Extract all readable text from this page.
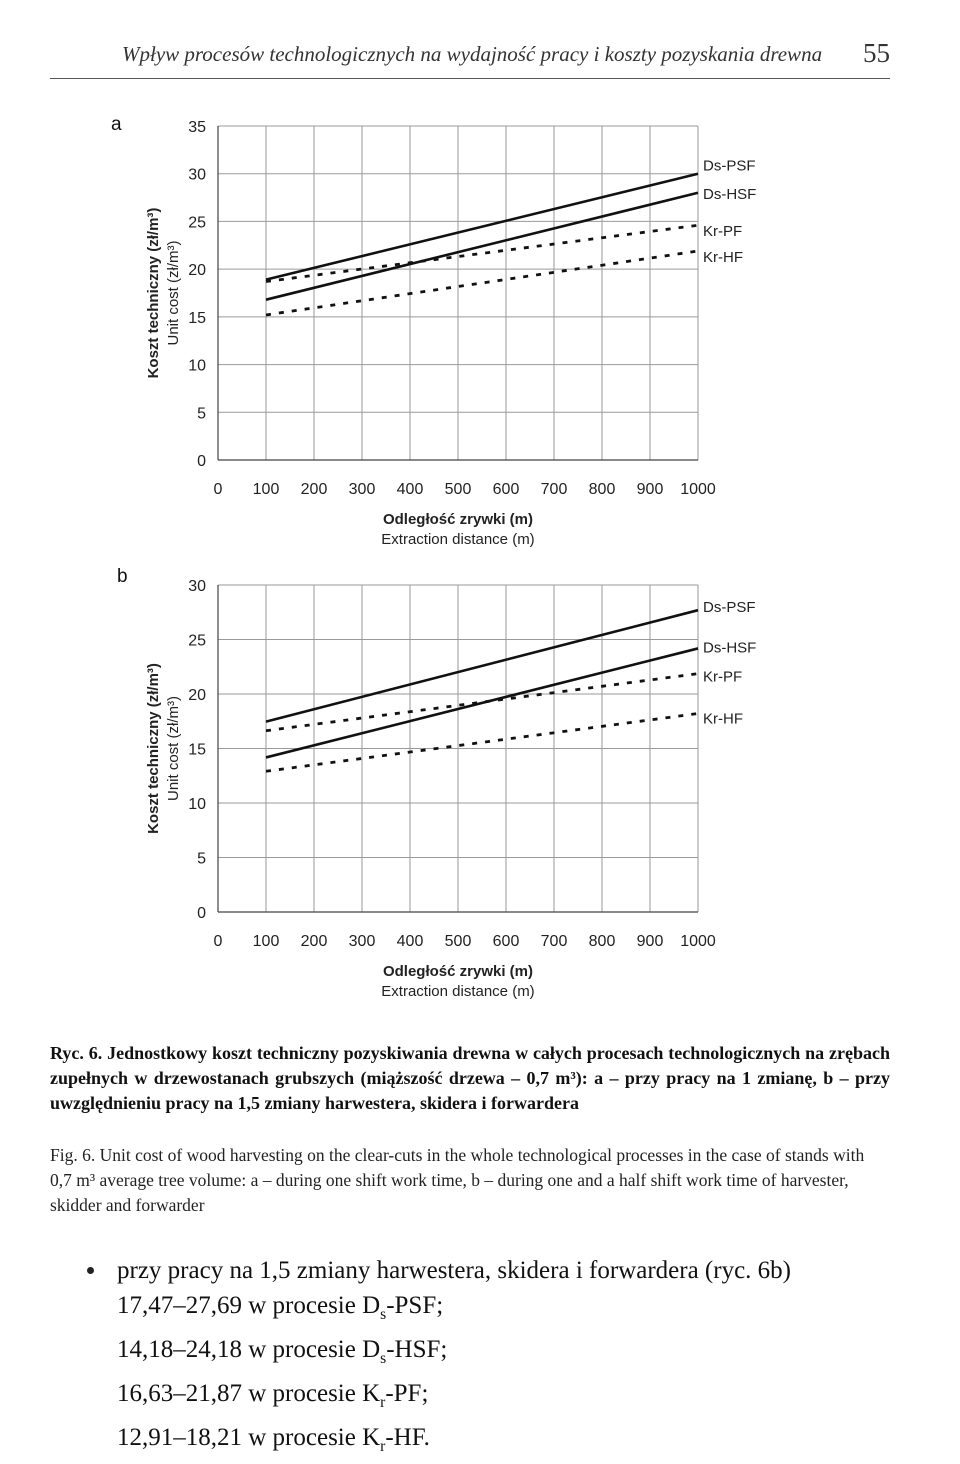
Wpływ procesów technologicznych na wydajność pracy i koszty pozyskania drewna 55
a
b
0
5
10
15
20
25
30
35
0 100 200 300 400 500 600 700 800 900 1000
Odległość zrywki (m)
Extraction distance (m)
Koszt techniczny (zł/m³) Unit cost (zł/m³)
Ds-PSF
Ds-HSF
Kr-PF
Kr-HF
0
5
10
15
20
25
30
0 100 200 300 400 500 600 700 800 900 1000
Odległość zrywki (m)
Extraction distance (m)
Koszt techniczny (zł/m³) Unit cost (zł/m³)
Ds-PSF
Ds-HSF
Kr-PF
Kr-HF
Ryc. 6. Jednostkowy koszt techniczny pozyskiwania drewna w całych procesach technologicznych na zrębach zupełnych w drzewostanach grubszych (miąższość drzewa – 0,7 m³): a – przy pracy na 1 zmianę, b – przy uwzględnieniu pracy na 1,5 zmiany harwestera, skidera i forwardera
Fig. 6. Unit cost of wood harvesting on the clear-cuts in the whole technological processes in the case of stands with 0,7 m³ average tree volume: a – during one shift work time, b – during one and a half shift work time of harvester, skidder and forwarder
przy pracy na 1,5 zmiany harwestera, skidera i forwardera (ryc. 6b)
17,47–27,69 w procesie $D_s$-PSF;
14,18–24,18 w procesie $D_s$-HSF;
16,63–21,87 w procesie $K_r-PF$;
12,91–18,21 w procesie $K_r-HF$.
